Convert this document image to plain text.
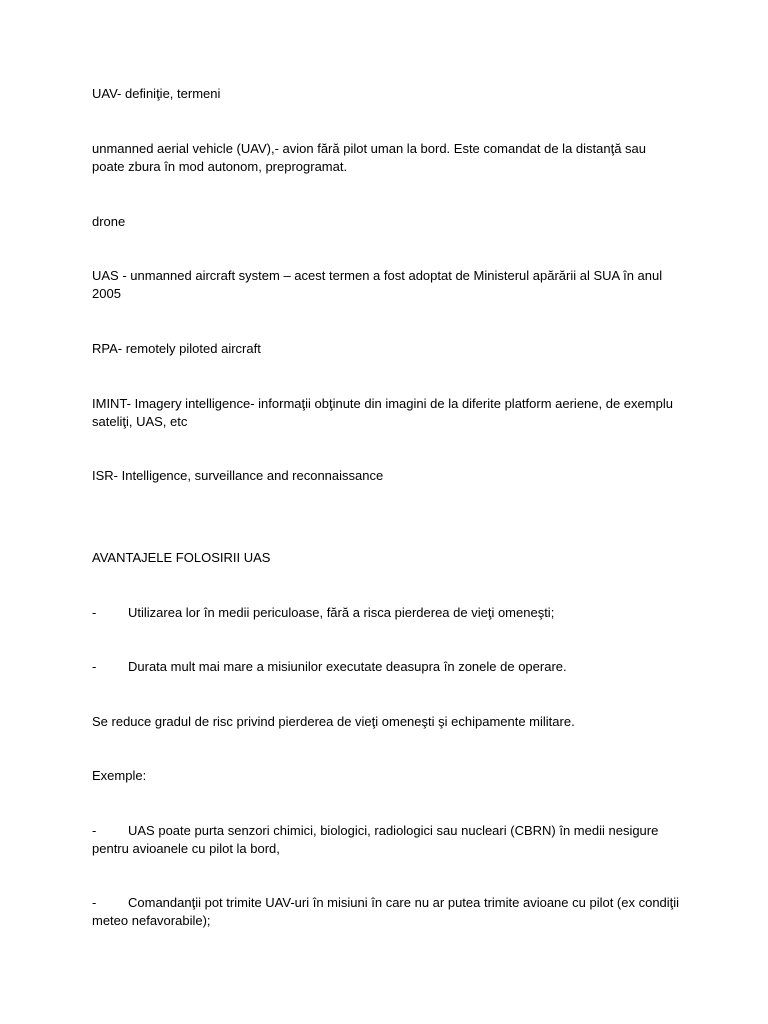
UAV- definiţie, termeni

unmanned aerial vehicle (UAV),- avion fără pilot uman la bord. Este comandat de la distanţă sau poate zbura în mod autonom, preprogramat.

drone

UAS - unmanned aircraft system – acest termen a fost adoptat de Ministerul apărării al SUA în anul 2005

RPA- remotely piloted aircraft

IMINT- Imagery intelligence- informaţii obţinute din imagini de la diferite platform aeriene, de exemplu sateliţi, UAS, etc

ISR- Intelligence, surveillance and reconnaissance

AVANTAJELE FOLOSIRII UAS

- Utilizarea lor în medii periculoase, fără a risca pierderea de vieţi omeneşti;

- Durata mult mai mare a misiunilor executate deasupra în zonele de operare.

Se reduce gradul de risc privind pierderea de vieţi omeneşti şi echipamente militare.

Exemple:

- UAS poate purta senzori chimici, biologici, radiologici sau nucleari (CBRN) în medii nesigure pentru avioanele cu pilot la bord,

- Comandanţii pot trimite UAV-uri în misiuni în care nu ar putea trimite avioane cu pilot (ex condiţii meteo nefavorabile);
